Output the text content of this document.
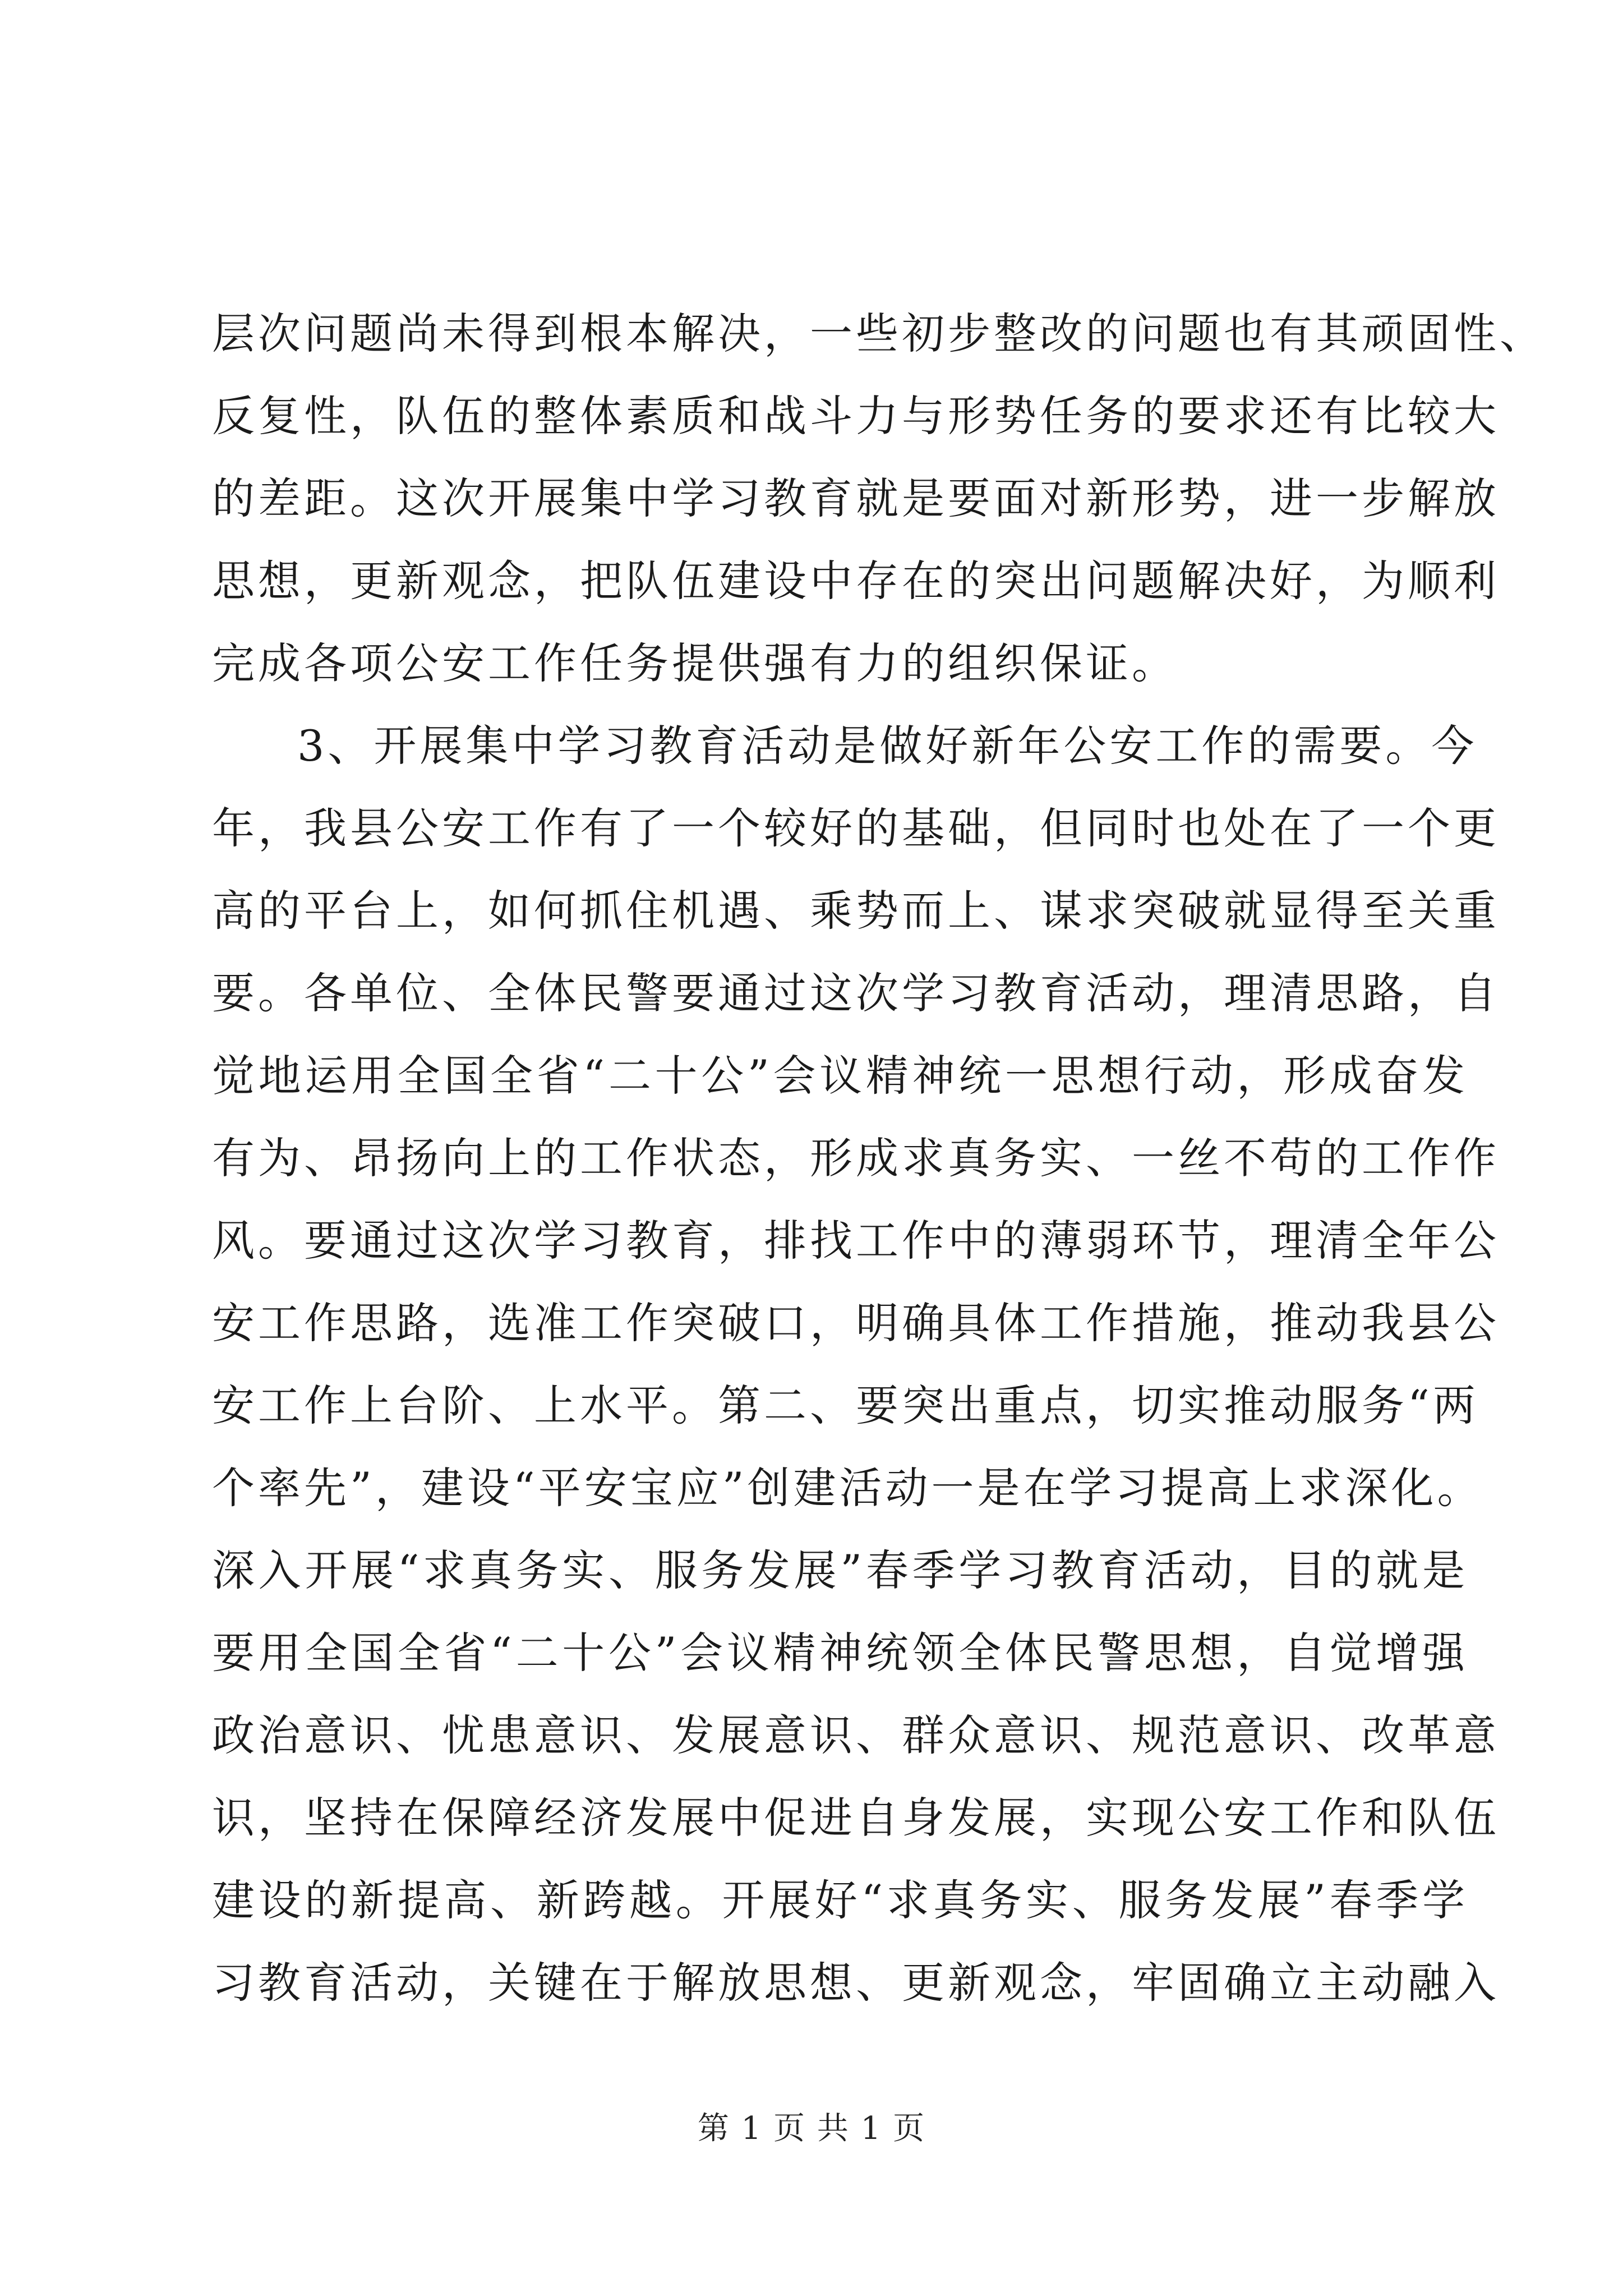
层次问题尚未得到根本解决，一些初步整改的问题也有其顽固性、
反复性，队伍的整体素质和战斗力与形势任务的要求还有比较大
的差距。这次开展集中学习教育就是要面对新形势，进一步解放
思想，更新观念，把队伍建设中存在的突出问题解决好，为顺利
完成各项公安工作任务提供强有力的组织保证。
3、开展集中学习教育活动是做好新年公安工作的需要。今
年，我县公安工作有了一个较好的基础，但同时也处在了一个更
高的平台上，如何抓住机遇、乘势而上、谋求突破就显得至关重
要。各单位、全体民警要通过这次学习教育活动，理清思路，自
觉地运用全国全省“二十公”会议精神统一思想行动，形成奋发
有为、昂扬向上的工作状态，形成求真务实、一丝不苟的工作作
风。要通过这次学习教育，排找工作中的薄弱环节，理清全年公
安工作思路，选准工作突破口，明确具体工作措施，推动我县公
安工作上台阶、上水平。第二、要突出重点，切实推动服务“两
个率先”，建设“平安宝应”创建活动一是在学习提高上求深化。
深入开展“求真务实、服务发展”春季学习教育活动，目的就是
要用全国全省“二十公”会议精神统领全体民警思想，自觉增强
政治意识、忧患意识、发展意识、群众意识、规范意识、改革意
识，坚持在保障经济发展中促进自身发展，实现公安工作和队伍
建设的新提高、新跨越。开展好“求真务实、服务发展”春季学
习教育活动，关键在于解放思想、更新观念，牢固确立主动融入
第 1 页 共 1 页
